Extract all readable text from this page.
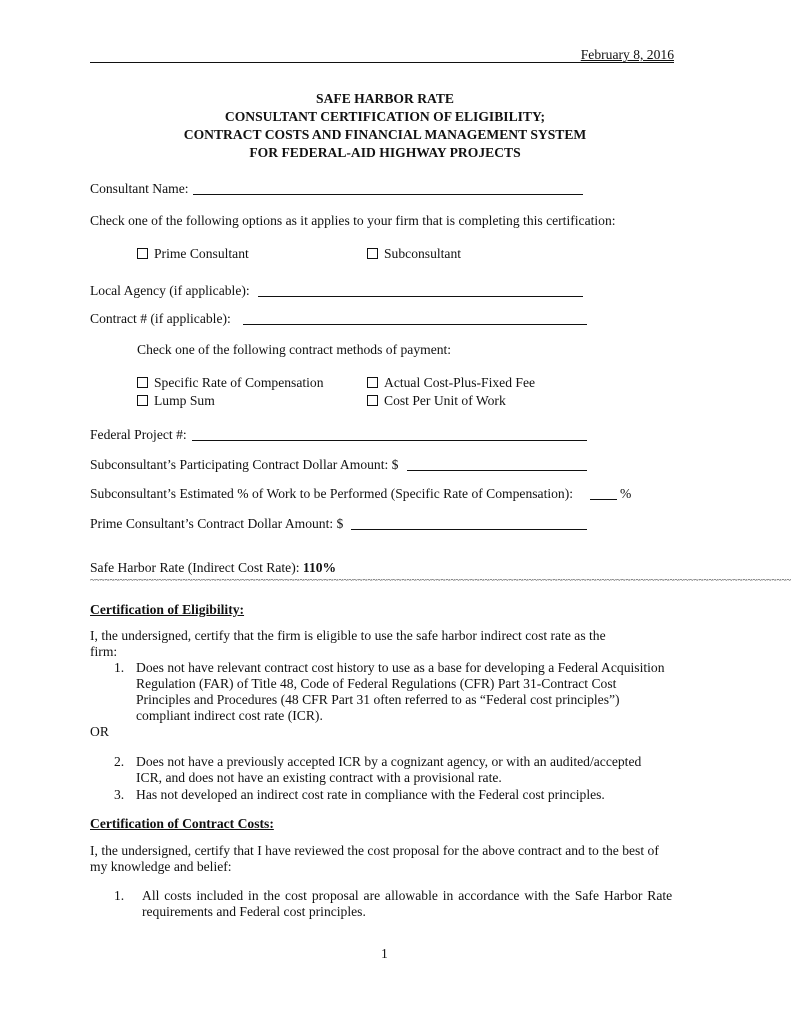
February 8, 2016
SAFE HARBOR RATE
CONSULTANT CERTIFICATION OF ELIGIBILITY;
CONTRACT COSTS AND FINANCIAL MANAGEMENT SYSTEM
FOR FEDERAL-AID HIGHWAY PROJECTS
Consultant Name:
Check one of the following options as it applies to your firm that is completing this certification:
Prime Consultant	Subconsultant
Local Agency (if applicable):
Contract # (if applicable):
Check one of the following contract methods of payment:
Specific Rate of Compensation	Actual Cost-Plus-Fixed Fee
Lump Sum	Cost Per Unit of Work
Federal Project #:
Subconsultant’s Participating Contract Dollar Amount: $
Subconsultant’s Estimated % of Work to be Performed (Specific Rate of Compensation):	%
Prime Consultant’s Contract Dollar Amount: $
Safe Harbor Rate (Indirect Cost Rate): 110%
~~~~~~~~~~~~~~~~~~~~~~~~~~~~~~~~~~~~~~~~~~~~~~~~~~~~~~~~~~~~~~~~~~~~~~~~~~~~~~~~~~~~~~~~~~~~~~~~~~~~~~~~~~~~~~~~~~~~~~~~~~~~~~~~~~~~~~~~~~~~~~~~
Certification of Eligibility:
I, the undersigned, certify that the firm is eligible to use the safe harbor indirect cost rate as the
firm:
1. Does not have relevant contract cost history to use as a base for developing a Federal Acquisition
Regulation (FAR) of Title 48, Code of Federal Regulations (CFR) Part 31-Contract Cost
Principles and Procedures (48 CFR Part 31 often referred to as “Federal cost principles”)
compliant indirect cost rate (ICR).
OR
2. Does not have a previously accepted ICR by a cognizant agency, or with an audited/accepted
ICR, and does not have an existing contract with a provisional rate.
3. Has not developed an indirect cost rate in compliance with the Federal cost principles.
Certification of Contract Costs:
I, the undersigned, certify that I have reviewed the cost proposal for the above contract and to the best of
my knowledge and belief:
1. All costs included in the cost proposal are allowable in accordance with the Safe Harbor Rate
requirements and Federal cost principles.
1
